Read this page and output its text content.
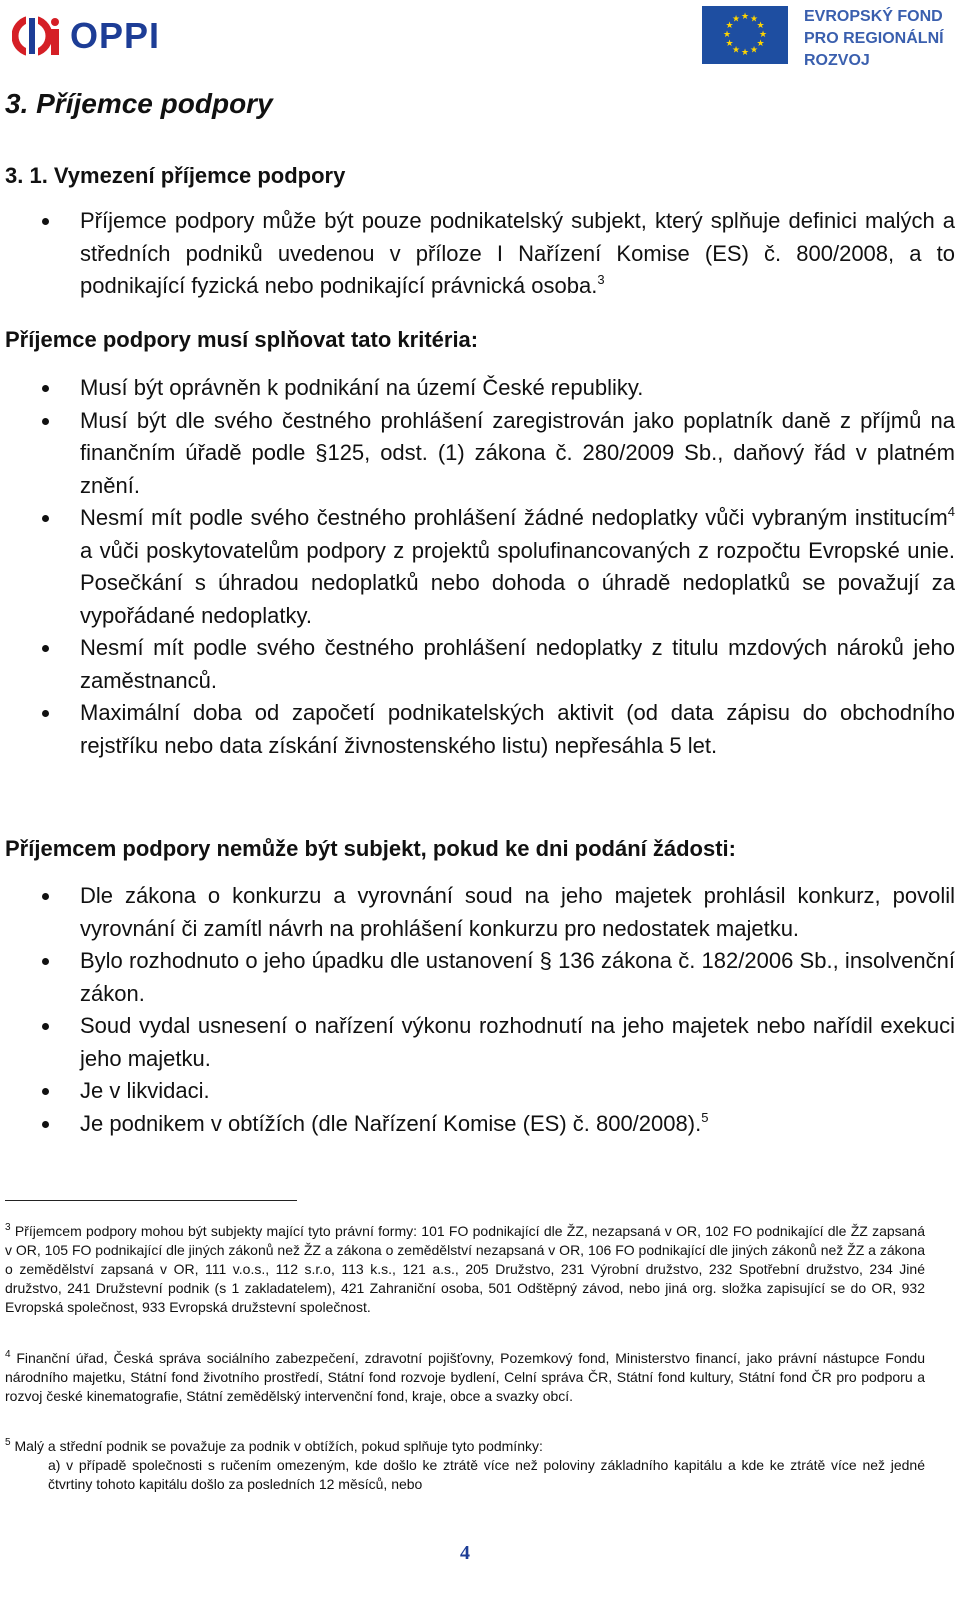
OPPI	★ ★
★
★
★
★
★
★
★
★
★
★	EVROPSKÝ FOND
PRO REGIONÁLNÍ
ROZVOJ
3. Příjemce podpory
3. 1. Vymezení příjemce podpory
Příjemce podpory může být pouze podnikatelský subjekt, který splňuje definici malých a středních podniků uvedenou v příloze I Nařízení Komise (ES) č. 800/2008, a to podnikající fyzická nebo podnikající právnická osoba.$^3$
Příjemce podpory musí splňovat tato kritéria:
Musí být oprávněn k podnikání na území České republiky.
Musí být dle svého čestného prohlášení zaregistrován jako poplatník daně z příjmů na finančním úřadě podle §125, odst. (1) zákona č. 280/2009 Sb., daňový řád v platném znění.
Nesmí mít podle svého čestného prohlášení žádné nedoplatky vůči vybraným institucím$^4$ a vůči poskytovatelům podpory z projektů spolufinancovaných z rozpočtu Evropské unie. Posečkání s úhradou nedoplatků nebo dohoda o úhradě nedoplatků se považují za vypořádané nedoplatky.
Nesmí mít podle svého čestného prohlášení nedoplatky z titulu mzdových nároků jeho zaměstnanců.
Maximální doba od započetí podnikatelských aktivit (od data zápisu do obchodního rejstříku nebo data získání živnostenského listu) nepřesáhla 5 let.
Příjemcem podpory nemůže být subjekt, pokud ke dni podání žádosti:
Dle zákona o konkurzu a vyrovnání soud na jeho majetek prohlásil konkurz, povolil vyrovnání či zamítl návrh na prohlášení konkurzu pro nedostatek majetku.
Bylo rozhodnuto o jeho úpadku dle ustanovení § 136 zákona č. 182/2006 Sb., insolvenční zákon.
Soud vydal usnesení o nařízení výkonu rozhodnutí na jeho majetek nebo nařídil exekuci jeho majetku.
Je v likvidaci.
Je podnikem v obtížích (dle Nařízení Komise (ES) č. 800/2008).$^5$

$^3$ Příjemcem podpory mohou být subjekty mající tyto právní formy: 101 FO podnikající dle ŽZ, nezapsaná v OR, 102 FO podnikající dle ŽZ zapsaná v OR, 105 FO podnikající dle jiných zákonů než ŽZ a zákona o zemědělství nezapsaná v OR, 106 FO podnikající dle jiných zákonů než ŽZ a zákona o zemědělství zapsaná v OR, 111 v.o.s., 112 s.r.o, 113 k.s., 121 a.s., 205 Družstvo, 231 Výrobní družstvo, 232 Spotřební družstvo, 234 Jiné družstvo, 241 Družstevní podnik (s 1 zakladatelem), 421 Zahraniční osoba, 501 Odštěpný závod, nebo jiná org. složka zapisující se do OR, 932 Evropská společnost, 933 Evropská družstevní společnost.

$^4$ Finanční úřad, Česká správa sociálního zabezpečení, zdravotní pojišťovny, Pozemkový fond, Ministerstvo financí, jako právní nástupce Fondu národního majetku, Státní fond životního prostředí, Státní fond rozvoje bydlení, Celní správa ČR, Státní fond kultury, Státní fond ČR pro podporu a rozvoj české kinematografie, Státní zemědělský intervenční fond, kraje, obce a svazky obcí.

$^5$ Malý a střední podnik se považuje za podnik v obtížích, pokud splňuje tyto podmínky:
a) v případě společnosti s ručením omezeným, kde došlo ke ztrátě více než poloviny základního kapitálu a kde ke ztrátě více než jedné čtvrtiny tohoto kapitálu došlo za posledních 12 měsíců, nebo
4
